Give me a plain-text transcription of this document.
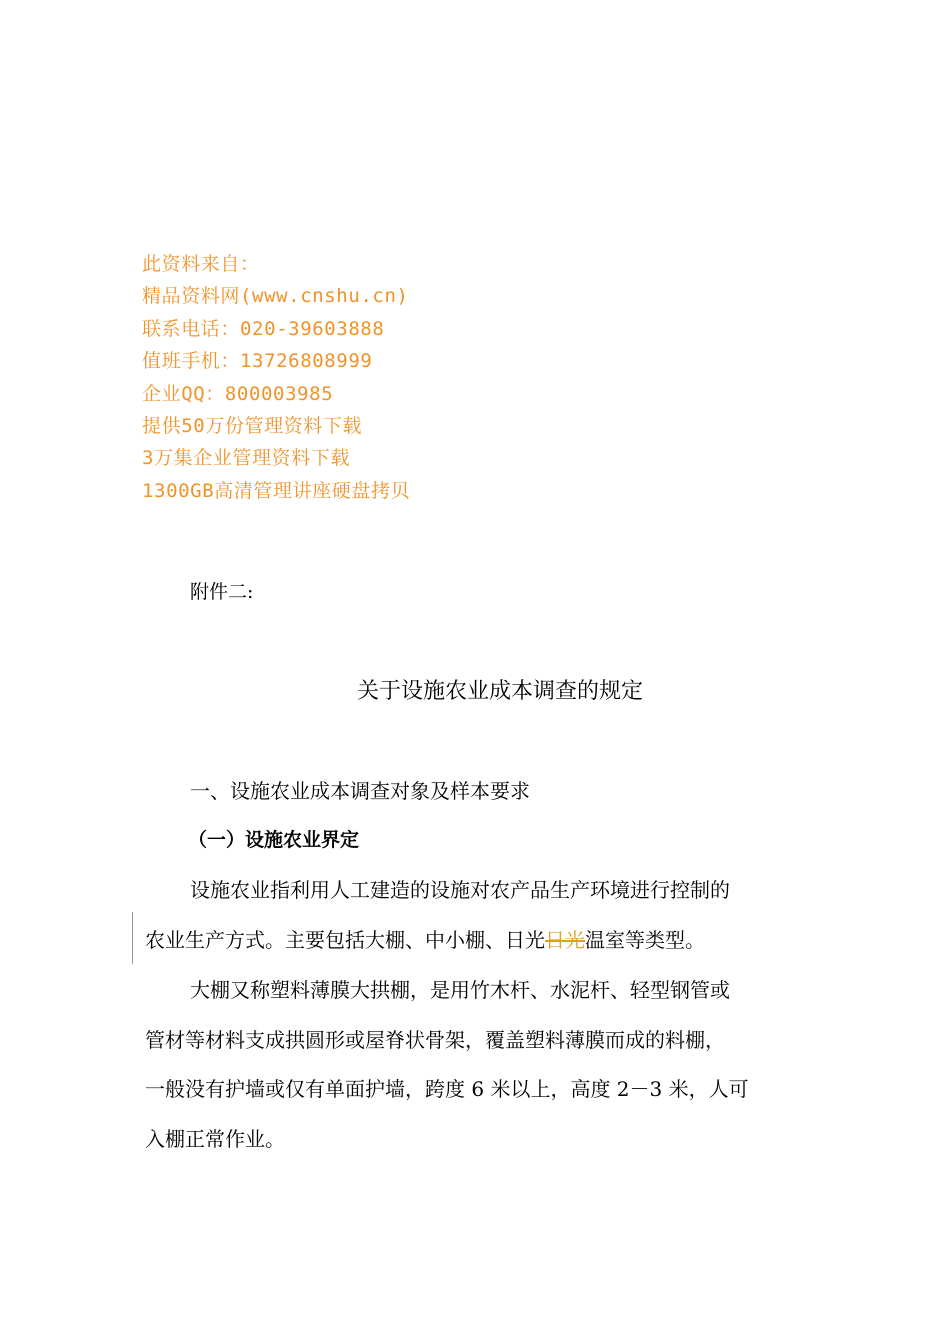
此资料来自：
精品资料网(www.cnshu.cn)
联系电话：020-39603888
值班手机：13726808999
企业QQ：800003985
提供50万份管理资料下载
3万集企业管理资料下载
1300GB高清管理讲座硬盘拷贝
附件二:
关于设施农业成本调查的规定
一、设施农业成本调查对象及样本要求
（一）设施农业界定
设施农业指利用人工建造的设施对农产品生产环境进行控制的
农业生产方式。主要包括大棚、中小棚、日光日光温室等类型。
大棚又称塑料薄膜大拱棚，是用竹木杆、水泥杆、轻型钢管或
管材等材料支成拱圆形或屋脊状骨架，覆盖塑料薄膜而成的料棚，
一般没有护墙或仅有单面护墙，跨度 6 米以上，高度 2－3 米，人可
入棚正常作业。
